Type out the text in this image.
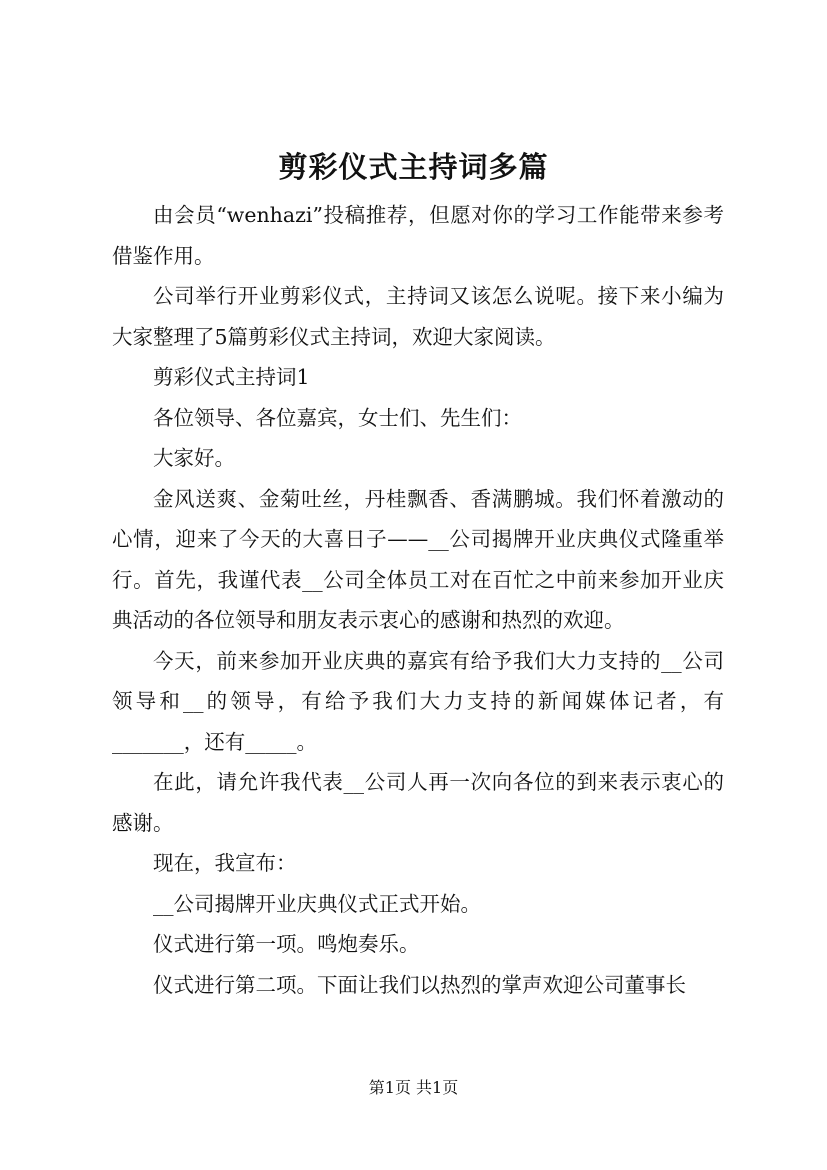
剪彩仪式主持词多篇

由会员“wenhazi”投稿推荐，但愿对你的学习工作能带来参考借鉴作用。

公司举行开业剪彩仪式，主持词又该怎么说呢。接下来小编为大家整理了5篇剪彩仪式主持词，欢迎大家阅读。

剪彩仪式主持词1

各位领导、各位嘉宾，女士们、先生们：

大家好。

金风送爽、金菊吐丝，丹桂飘香、香满鹏城。我们怀着激动的心情，迎来了今天的大喜日子——__公司揭牌开业庆典仪式隆重举行。首先，我谨代表__公司全体员工对在百忙之中前来参加开业庆典活动的各位领导和朋友表示衷心的感谢和热烈的欢迎。

今天，前来参加开业庆典的嘉宾有给予我们大力支持的__公司领导和__的领导，有给予我们大力支持的新闻媒体记者，有_______，还有_____。

在此，请允许我代表__公司人再一次向各位的到来表示衷心的感谢。

现在，我宣布：

__公司揭牌开业庆典仪式正式开始。

仪式进行第一项。鸣炮奏乐。

仪式进行第二项。下面让我们以热烈的掌声欢迎公司董事长

第1页 共1页
